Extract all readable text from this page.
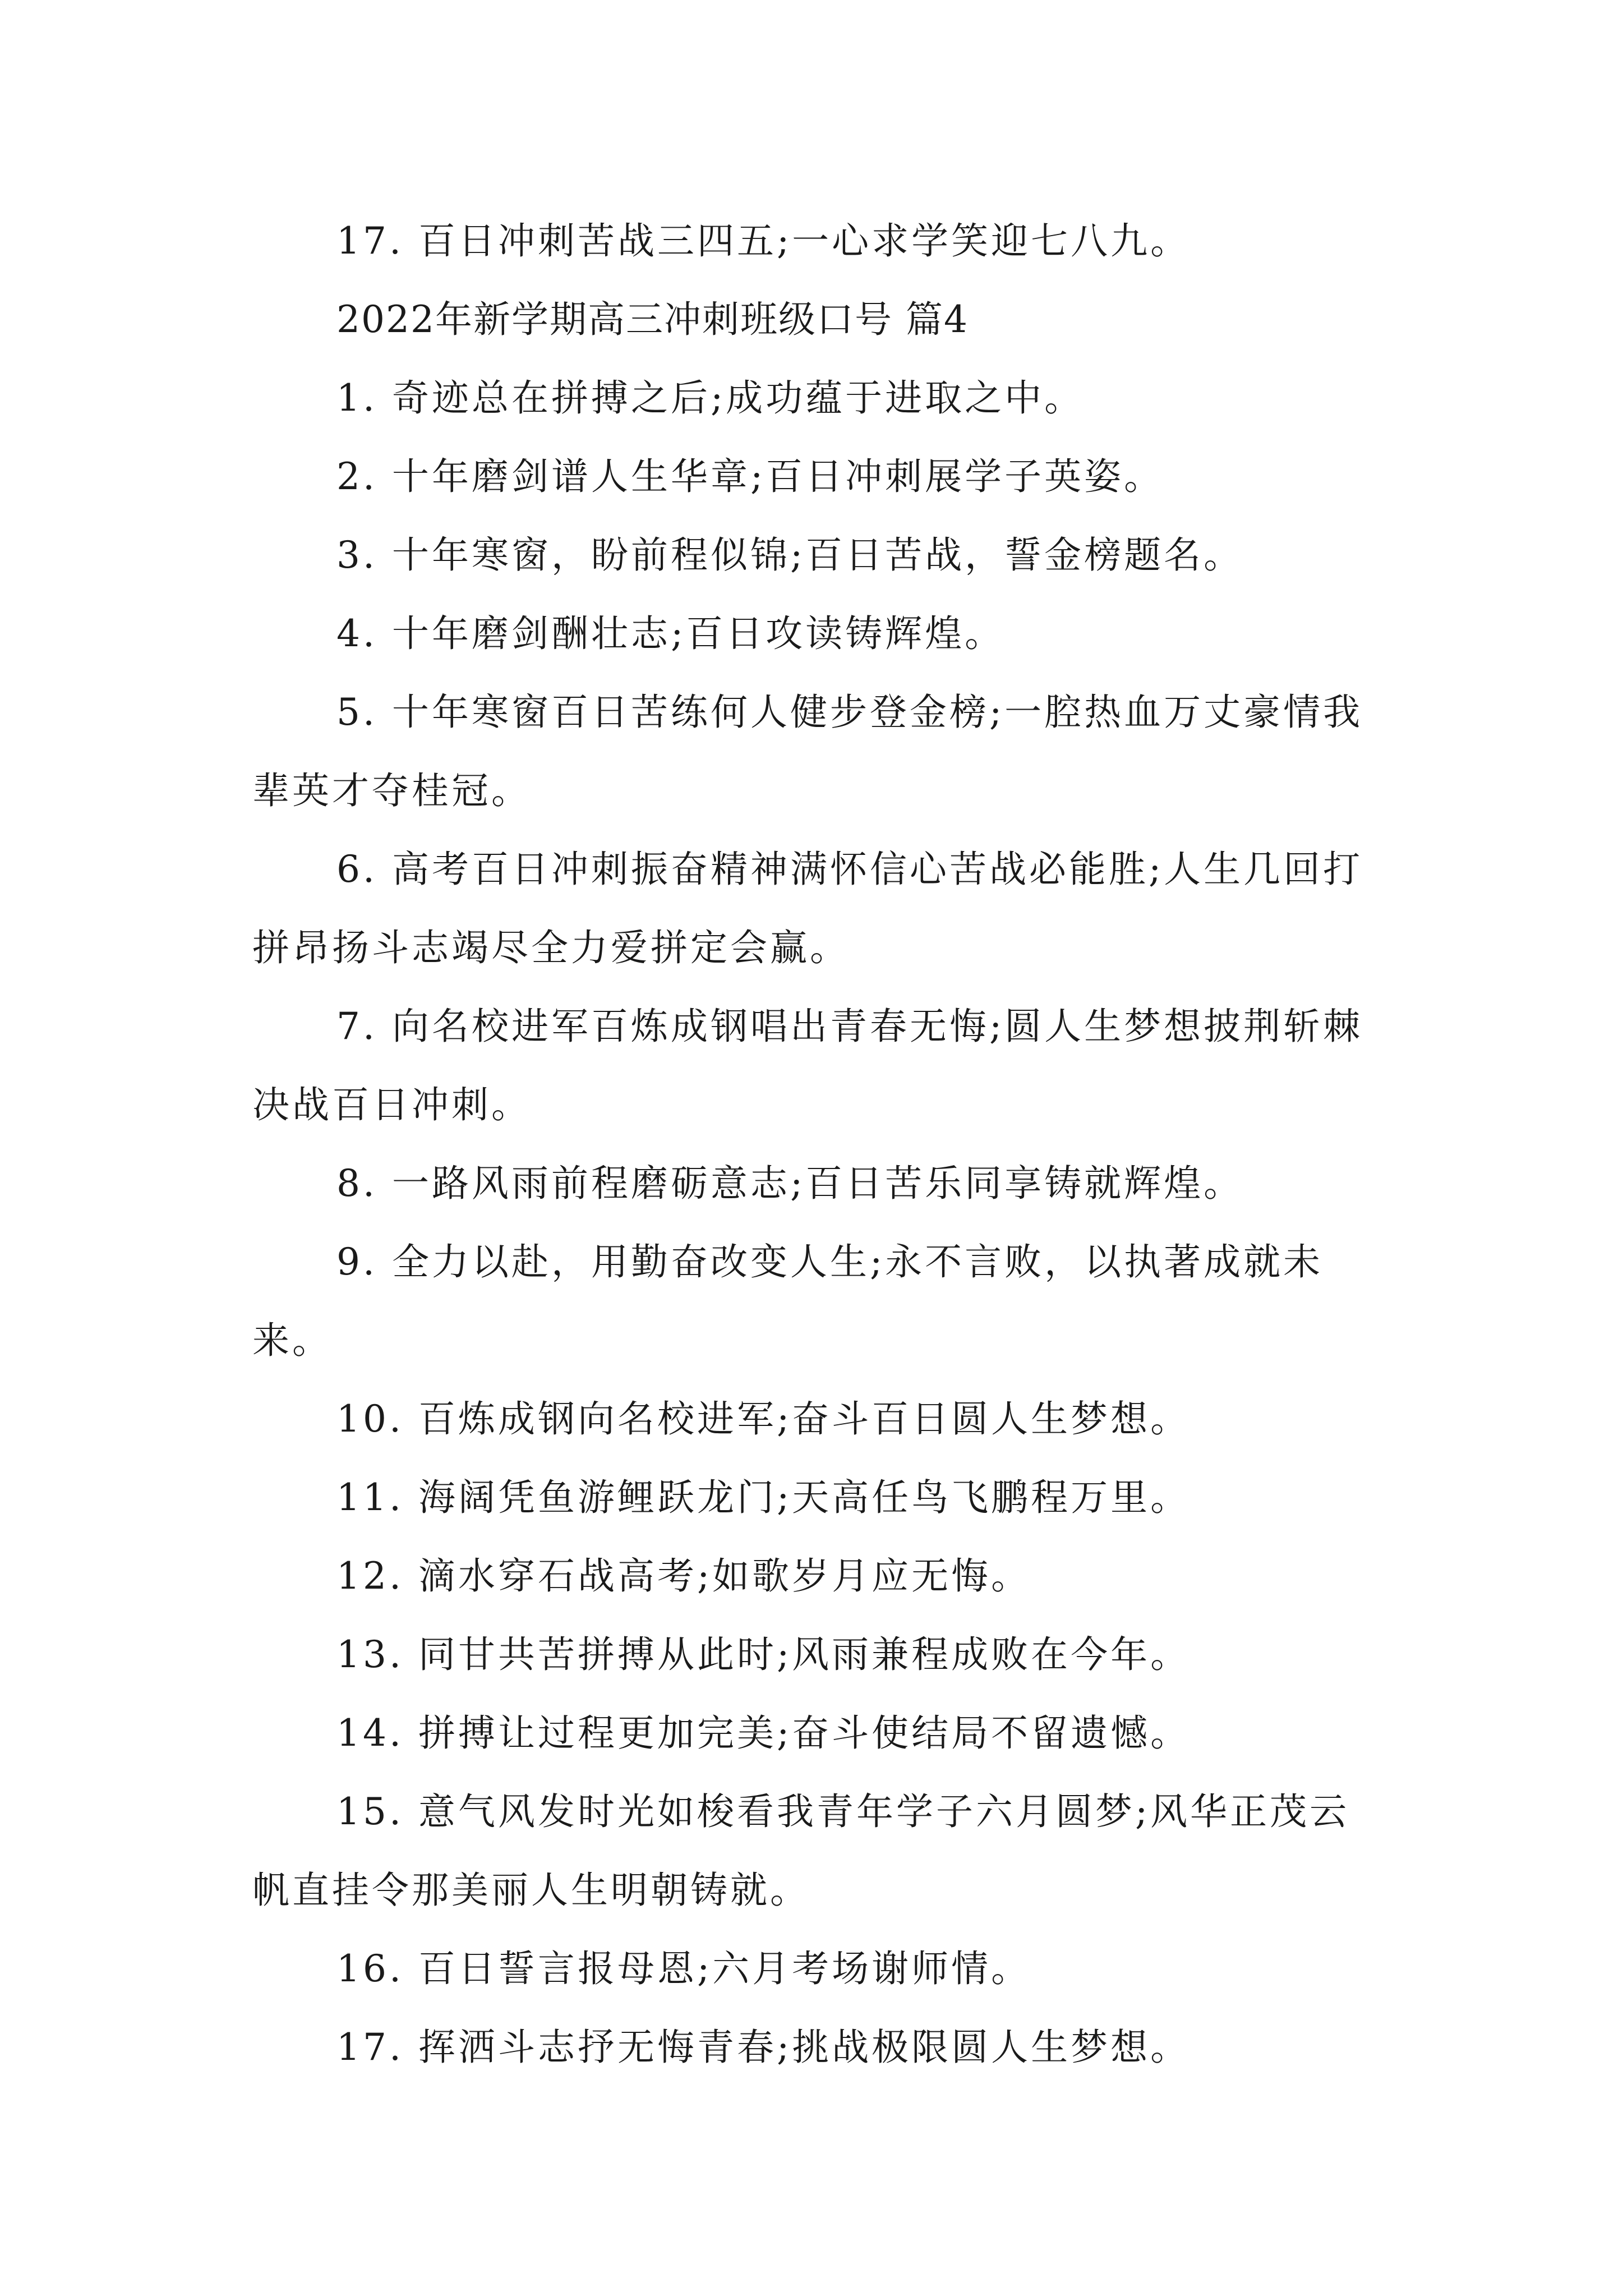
17. 百日冲刺苦战三四五;一心求学笑迎七八九。

2022年新学期高三冲刺班级口号 篇4

1. 奇迹总在拼搏之后;成功蕴于进取之中。

2. 十年磨剑谱人生华章;百日冲刺展学子英姿。

3. 十年寒窗，盼前程似锦;百日苦战，誓金榜题名。

4. 十年磨剑酬壮志;百日攻读铸辉煌。

5. 十年寒窗百日苦练何人健步登金榜;一腔热血万丈豪情我辈英才夺桂冠。

6. 高考百日冲刺振奋精神满怀信心苦战必能胜;人生几回打拼昂扬斗志竭尽全力爱拼定会赢。

7. 向名校进军百炼成钢唱出青春无悔;圆人生梦想披荆斩棘决战百日冲刺。

8. 一路风雨前程磨砺意志;百日苦乐同享铸就辉煌。

9. 全力以赴，用勤奋改变人生;永不言败，以执著成就未来。

10. 百炼成钢向名校进军;奋斗百日圆人生梦想。

11. 海阔凭鱼游鲤跃龙门;天高任鸟飞鹏程万里。

12. 滴水穿石战高考;如歌岁月应无悔。

13. 同甘共苦拼搏从此时;风雨兼程成败在今年。

14. 拼搏让过程更加完美;奋斗使结局不留遗憾。

15. 意气风发时光如梭看我青年学子六月圆梦;风华正茂云帆直挂令那美丽人生明朝铸就。

16. 百日誓言报母恩;六月考场谢师情。

17. 挥洒斗志抒无悔青春;挑战极限圆人生梦想。
